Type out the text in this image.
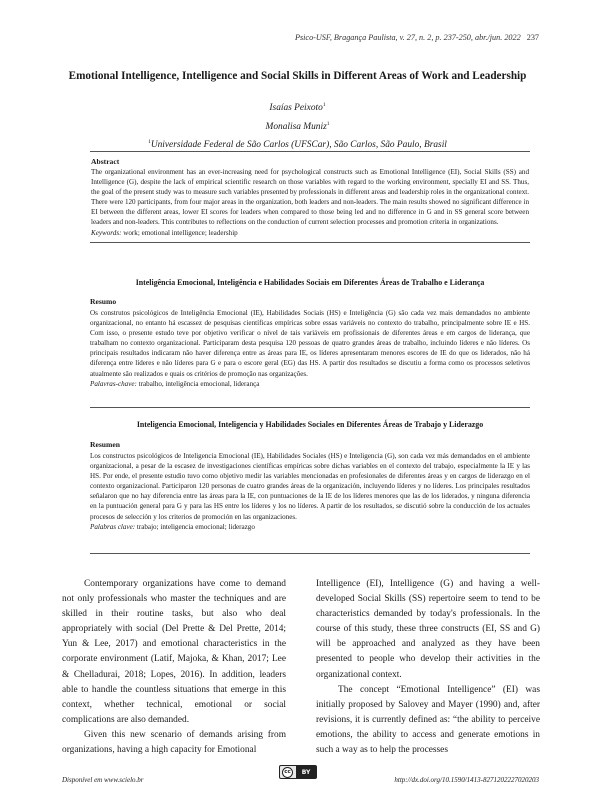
Psico-USF, Bragança Paulista, v. 27, n. 2, p. 237-250, abr./jun. 2022 237
Emotional Intelligence, Intelligence and Social Skills in Different Areas of Work and Leadership
Isaías Peixoto$^1$
Monalisa Muniz$^1$
$^1$Universidade Federal de São Carlos (UFSCar), São Carlos, São Paulo, Brasil
Abstract

The organizational environment has an ever-increasing need for psychological constructs such as Emotional Intelligence (EI), Social Skills (SS) and Intelligence (G), despite the lack of empirical scientific research on those variables with regard to the working environment, specially EI and SS. Thus, the goal of the present study was to measure such variables presented by professionals in different areas and leadership roles in the organizational context. There were 120 participants, from four major areas in the organization, both leaders and non-leaders. The main results showed no significant difference in EI between the different areas, lower EI scores for leaders when compared to those being led and no difference in G and in SS general score between leaders and non-leaders. This contributes to reflections on the conduction of current selection processes and promotion criteria in organizations.

Keywords: work; emotional intelligence; leadership
Inteligência Emocional, Inteligência e Habilidades Sociais em Diferentes Áreas de Trabalho e Liderança
Resumo

Os construtos psicológicos de Inteligência Emocional (IE), Habilidades Sociais (HS) e Inteligência (G) são cada vez mais demandados no ambiente organizacional, no entanto há escassez de pesquisas científicas empíricas sobre essas variáveis no contexto do trabalho, principalmente sobre IE e HS. Com isso, o presente estudo teve por objetivo verificar o nível de tais variáveis em profissionais de diferentes áreas e em cargos de liderança, que trabalham no contexto organizacional. Participaram desta pesquisa 120 pessoas de quatro grandes áreas de trabalho, incluindo líderes e não líderes. Os principais resultados indicaram não haver diferença entre as áreas para IE, os líderes apresentaram menores escores de IE do que os liderados, não há diferença entre líderes e não líderes para G e para o escore geral (EG) das HS. A partir dos resultados se discutiu a forma como os processos seletivos atualmente são realizados e quais os critérios de promoção nas organizações.

Palavras-chave: trabalho, inteligência emocional, liderança
Inteligencia Emocional, Inteligencia y Habilidades Sociales en Diferentes Áreas de Trabajo y Liderazgo
Resumen

Los constructos psicológicos de Inteligencia Emocional (IE), Habilidades Sociales (HS) e Inteligencia (G), son cada vez más demandados en el ambiente organizacional, a pesar de la escasez de investigaciones científicas empíricas sobre dichas variables en el contexto del trabajo, especialmente la IE y las HS. Por ende, el presente estudio tuvo como objetivo medir las variables mencionadas en profesionales de diferentes áreas y en cargos de liderazgo en el contexto organizacional. Participaron 120 personas de cuatro grandes áreas de la organización, incluyendo líderes y no líderes. Los principales resultados señalaron que no hay diferencia entre las áreas para la IE, con puntuaciones de la IE de los líderes menores que las de los liderados, y ninguna diferencia en la puntuación general para G y para las HS entre los líderes y los no líderes. A partir de los resultados, se discutió sobre la conducción de los actuales procesos de selección y los criterios de promoción en las organizaciones.

Palabras clave: trabajo; inteligencia emocional; liderazgo

Contemporary organizations have come to demand not only professionals who master the techniques and are skilled in their routine tasks, but also who deal appropriately with social (Del Prette & Del Prette, 2014; Yun & Lee, 2017) and emotional characteristics in the corporate environment (Latif, Majoka, & Khan, 2017; Lee & Chelladurai, 2018; Lopes, 2016). In addition, leaders able to handle the countless situations that emerge in this context, whether technical, emotional or social complications are also demanded.

Given this new scenario of demands arising from organizations, having a high capacity for Emotional

Intelligence (EI), Intelligence (G) and having a well-developed Social Skills (SS) repertoire seem to tend to be characteristics demanded by today's professionals. In the course of this study, these three constructs (EI, SS and G) will be approached and analyzed as they have been presented to people who develop their activities in the organizational context.

The concept “Emotional Intelligence” (EI) was initially proposed by Salovey and Mayer (1990) and, after revisions, it is currently defined as: “the ability to perceive emotions, the ability to access and generate emotions in such a way as to help the processes

Disponível em www.scielo.br
cc	BY
http://dx.doi.org/10.1590/1413-8271202227020203
